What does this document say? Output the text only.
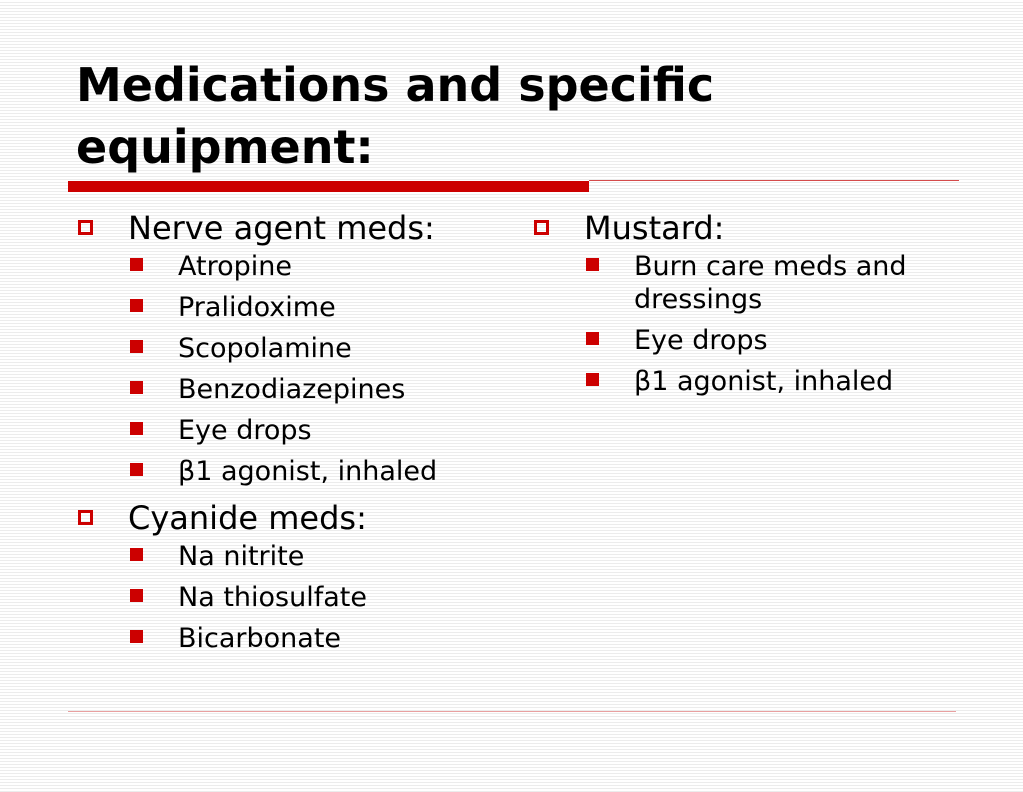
Medications and specific equipment:
Nerve agent meds:
Atropine
Pralidoxime
Scopolamine
Benzodiazepines
Eye drops
β1 agonist, inhaled
Cyanide meds:
Na nitrite
Na thiosulfate
Bicarbonate
Mustard:
Burn care meds and dressings
Eye drops
β1 agonist, inhaled
